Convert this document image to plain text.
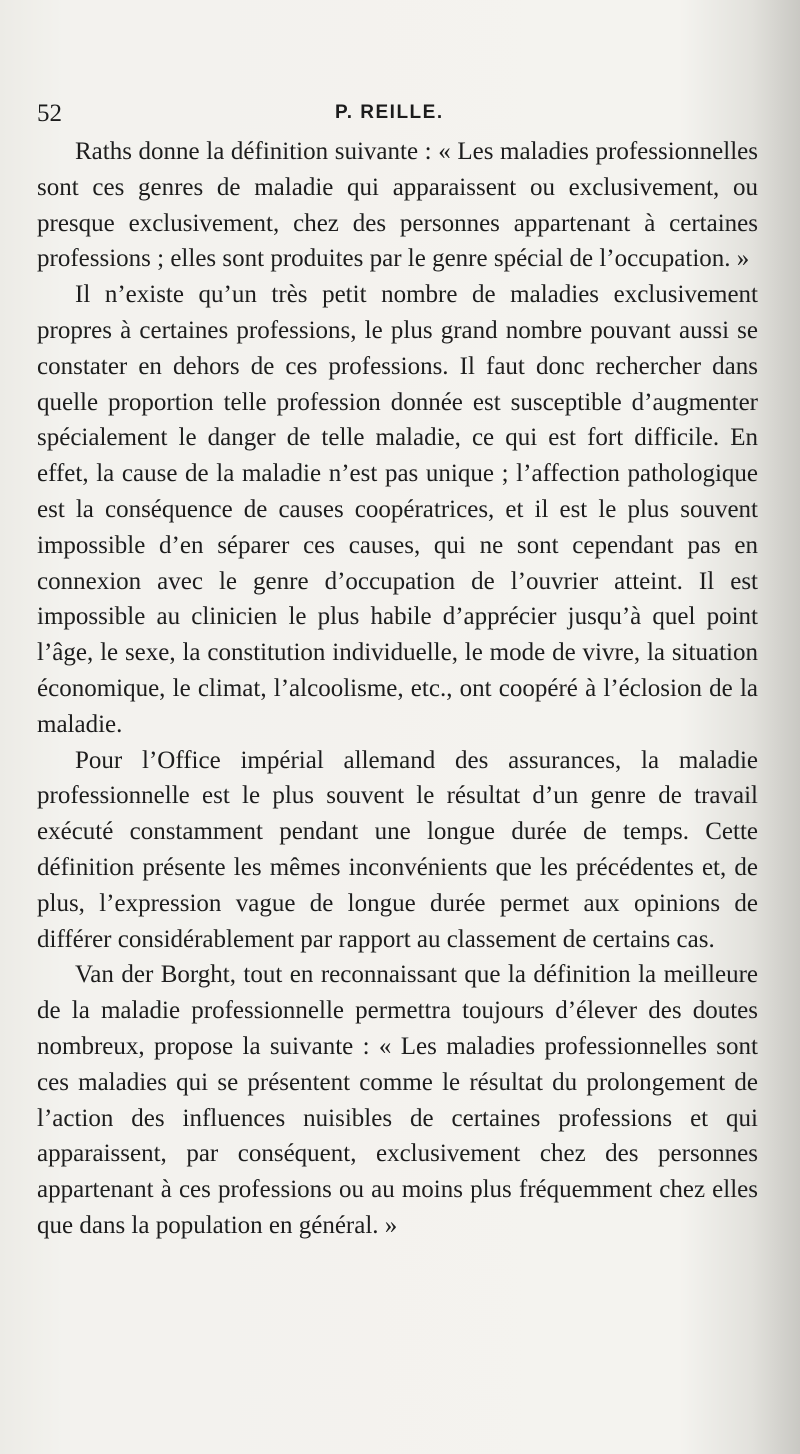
52	P. REILLE.

Raths donne la définition suivante : « Les maladies professionnelles sont ces genres de maladie qui apparaissent ou exclusivement, ou presque exclusivement, chez des personnes appartenant à certaines professions ; elles sont produites par le genre spécial de l’occupation. »

Il n’existe qu’un très petit nombre de maladies exclusivement propres à certaines professions, le plus grand nombre pouvant aussi se constater en dehors de ces professions. Il faut donc rechercher dans quelle proportion telle profession donnée est susceptible d’augmenter spécialement le danger de telle maladie, ce qui est fort difficile. En effet, la cause de la maladie n’est pas unique ; l’affection pathologique est la conséquence de causes coopératrices, et il est le plus souvent impossible d’en séparer ces causes, qui ne sont cependant pas en connexion avec le genre d’occupation de l’ouvrier atteint. Il est impossible au clinicien le plus habile d’apprécier jusqu’à quel point l’âge, le sexe, la constitution individuelle, le mode de vivre, la situation économique, le climat, l’alcoolisme, etc., ont coopéré à l’éclosion de la maladie.

Pour l’Office impérial allemand des assurances, la maladie professionnelle est le plus souvent le résultat d’un genre de travail exécuté constamment pendant une longue durée de temps. Cette définition présente les mêmes inconvénients que les précédentes et, de plus, l’expression vague de longue durée permet aux opinions de différer considérablement par rapport au classement de certains cas.

Van der Borght, tout en reconnaissant que la définition la meilleure de la maladie professionnelle permettra toujours d’élever des doutes nombreux, propose la suivante : « Les maladies professionnelles sont ces maladies qui se présentent comme le résultat du prolongement de l’action des influences nuisibles de certaines professions et qui apparaissent, par conséquent, exclusivement chez des personnes appartenant à ces professions ou au moins plus fréquemment chez elles que dans la population en général. »
